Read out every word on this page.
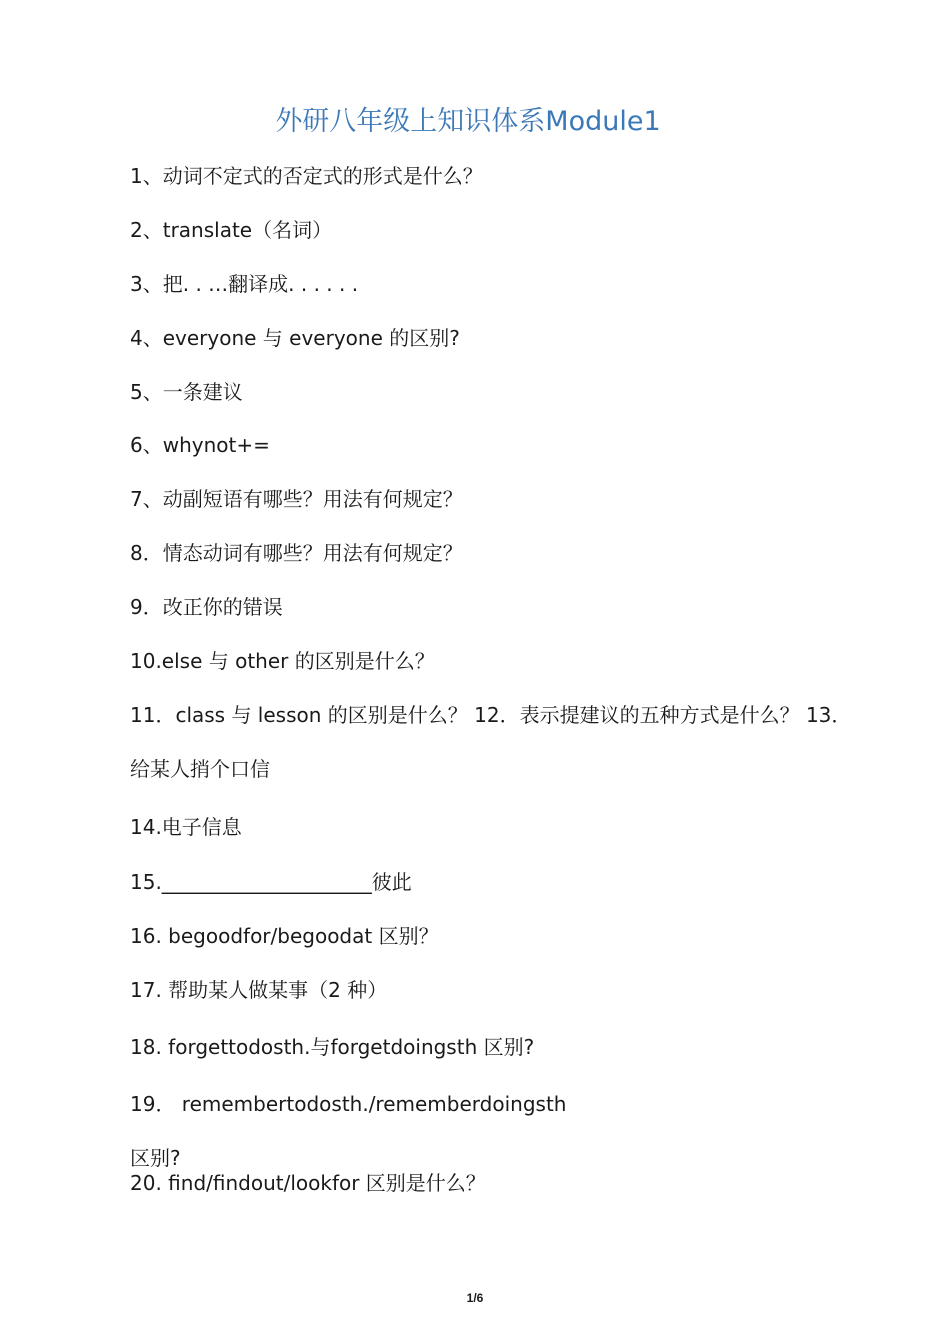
外研八年级上知识体系Module1
1、动词不定式的否定式的形式是什么？
2、translate（名词）
3、把. . …翻译成. . . . . .
4、everyone 与 everyone 的区别?
5、一条建议
6、whynot+=
7、动副短语有哪些？用法有何规定？
8．情态动词有哪些？用法有何规定？
9．改正你的错误
10.else 与 other 的区别是什么？
11．class 与 lesson 的区别是什么？ 12．表示提建议的五种方式是什么？ 13．
给某人捎个口信
14.电子信息
15._____________________彼此
16. begoodfor/begoodat 区别？
17. 帮助某人做某事（2 种）
18. forgettodosth.与forgetdoingsth 区别?
19． remembertodosth./rememberdoingsth
区别?
20. find/findout/lookfor 区别是什么？
1/6
